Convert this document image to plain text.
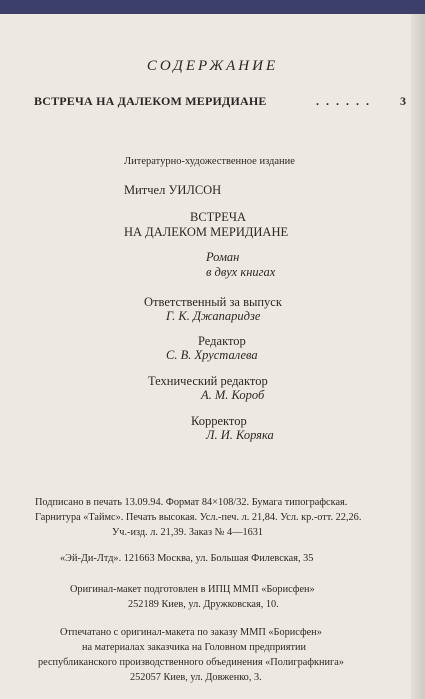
СОДЕРЖАНИЕ
ВСТРЕЧА НА ДАЛЕКОМ МЕРИДИАНЕ	. . . . . . 3
Литературно-художественное издание
Митчел УИЛСОН
ВСТРЕЧА
НА ДАЛЕКОМ МЕРИДИАНЕ
Роман
в двух книгах
Ответственный за выпуск
Г. К. Джапаридзе
Редактор
С. В. Хрусталева
Технический редактор
А. М. Короб
Корректор
Л. И. Коряка
Подписано в печать 13.09.94. Формат 84×108/32. Бумага типографская.
Гарнитура «Таймс». Печать высокая. Усл.-печ. л. 21,84. Усл. кр.-отт. 22,26.
Уч.-изд. л. 21,39. Заказ № 4—1631
«Эй-Ди-Лтд». 121663 Москва, ул. Большая Филевская, 35
Оригинал-макет подготовлен в ИПЦ ММП «Борисфен»
252189 Киев, ул. Дружковская, 10.
Отпечатано с оригинал-макета по заказу ММП «Борисфен»
на материалах заказчика на Головном предприятии
республиканского производственного объединения «Полиграфкнига»
252057 Киев, ул. Довженко, 3.
